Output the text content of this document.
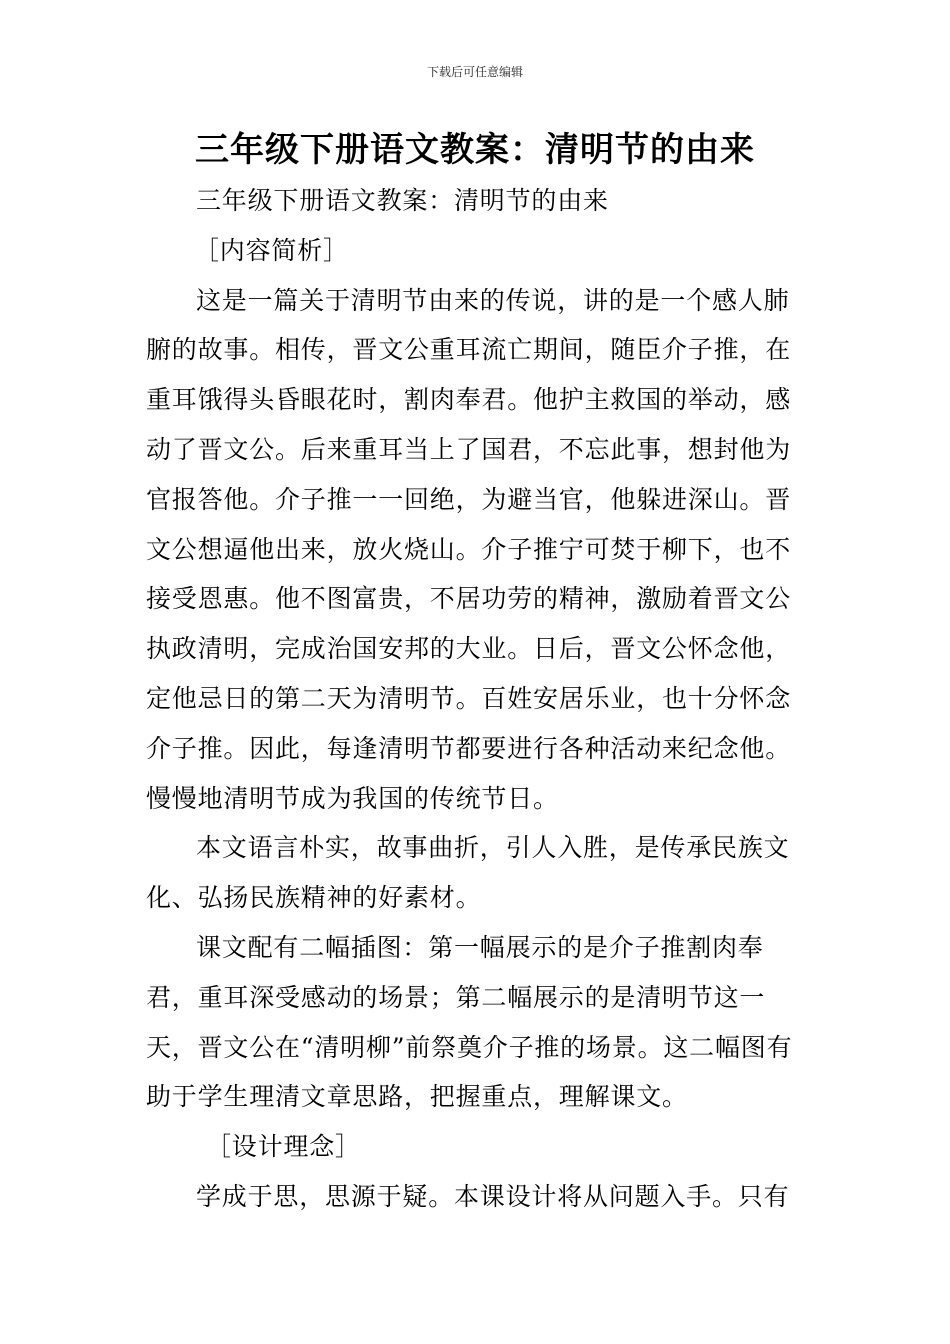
下载后可任意编辑
三年级下册语文教案：清明节的由来

三年级下册语文教案：清明节的由来

［内容简析］

这是一篇关于清明节由来的传说，讲的是一个感人肺腑的故事。相传，晋文公重耳流亡期间，随臣介子推，在重耳饿得头昏眼花时，割肉奉君。他护主救国的举动，感动了晋文公。后来重耳当上了国君，不忘此事，想封他为官报答他。介子推一一回绝，为避当官，他躲进深山。晋文公想逼他出来，放火烧山。介子推宁可焚于柳下，也不接受恩惠。他不图富贵，不居功劳的精神，激励着晋文公执政清明，完成治国安邦的大业。日后，晋文公怀念他，定他忌日的第二天为清明节。百姓安居乐业，也十分怀念介子推。因此，每逢清明节都要进行各种活动来纪念他。慢慢地清明节成为我国的传统节日。

本文语言朴实，故事曲折，引人入胜，是传承民族文化、弘扬民族精神的好素材。

课文配有二幅插图：第一幅展示的是介子推割肉奉君，重耳深受感动的场景；第二幅展示的是清明节这一天，晋文公在“清明柳”前祭奠介子推的场景。这二幅图有助于学生理清文章思路，把握重点，理解课文。

［设计理念］

学成于思，思源于疑。本课设计将从问题入手。只有
